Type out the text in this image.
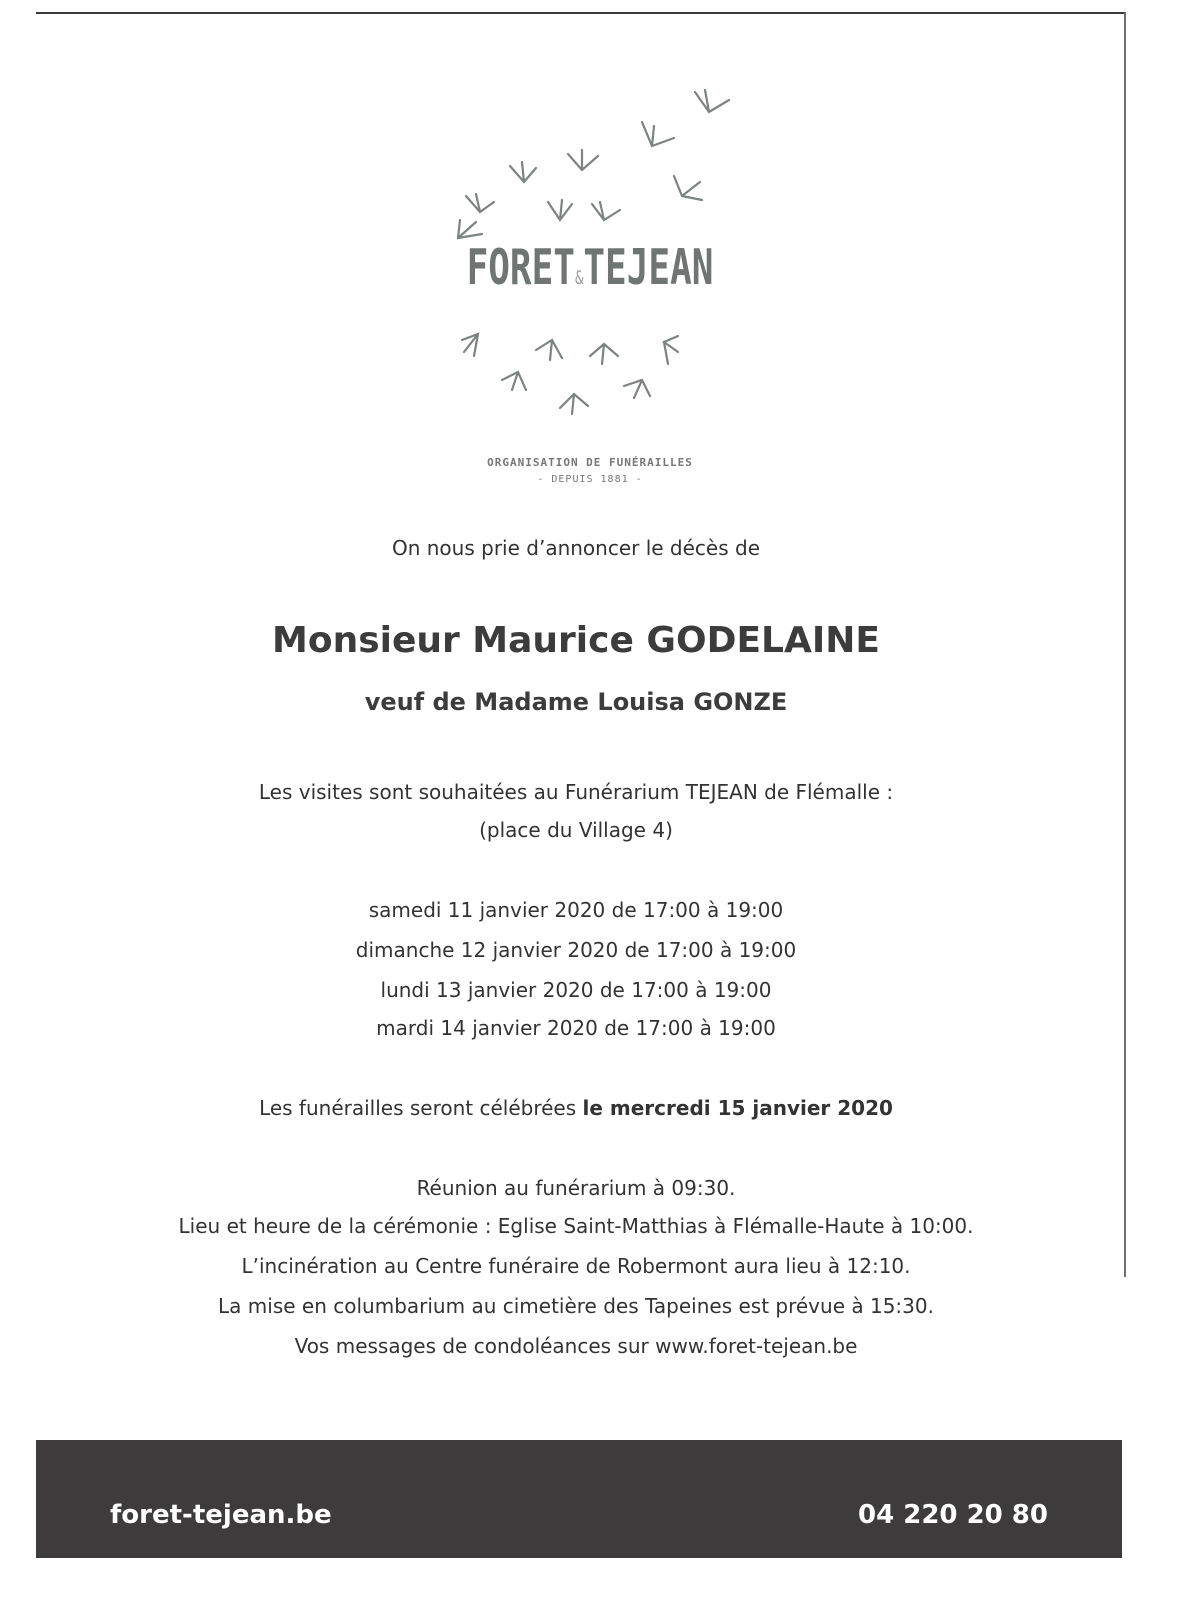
FORET&TEJEAN
ORGANISATION DE FUNÉRAILLES
- DEPUIS 1881 -
On nous prie d’annoncer le décès de
Monsieur Maurice GODELAINE
veuf de Madame Louisa GONZE
Les visites sont souhaitées au Funérarium TEJEAN de Flémalle :
(place du Village 4)
samedi 11 janvier 2020 de 17:00 à 19:00
dimanche 12 janvier 2020 de 17:00 à 19:00
lundi 13 janvier 2020 de 17:00 à 19:00
mardi 14 janvier 2020 de 17:00 à 19:00
Les funérailles seront célébrées le mercredi 15 janvier 2020
Réunion au funérarium à 09:30.
Lieu et heure de la cérémonie : Eglise Saint-Matthias à Flémalle-Haute à 10:00.
L’incinération au Centre funéraire de Robermont aura lieu à 12:10.
La mise en columbarium au cimetière des Tapeines est prévue à 15:30.
Vos messages de condoléances sur www.foret-tejean.be
foret-tejean.be	04 220 20 80
